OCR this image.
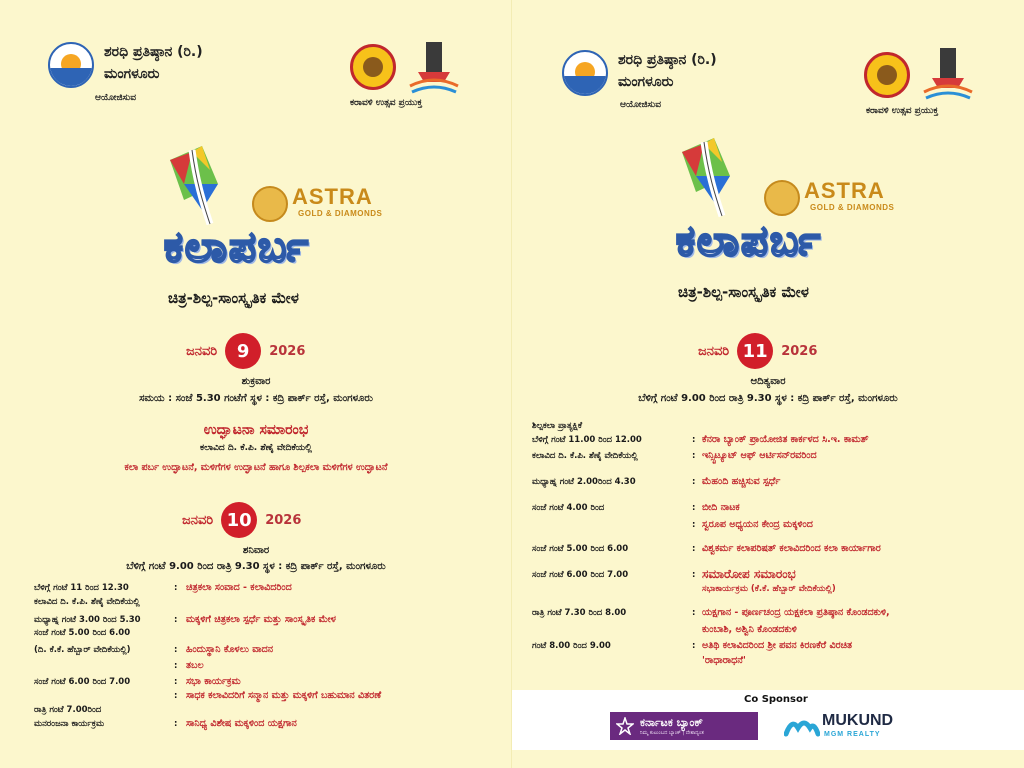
ಶರಧಿ ಪ್ರತಿಷ್ಠಾನ (ರಿ.)
ಮಂಗಳೂರು
ಆಯೋಜಿಸುವ	ಕರಾವಳಿ ಉತ್ಸವ ಪ್ರಯುಕ್ತ
ASTRA
GOLD & DIAMONDS
ಕಲಾಪರ್ಬ
ಚಿತ್ರ-ಶಿಲ್ಪ-ಸಾಂಸ್ಕೃತಿಕ ಮೇಳ
ಜನವರಿ	9	2026
ಶುಕ್ರವಾರ
ಸಮಯ : ಸಂಜೆ 5.30 ಗಂಟೆಗೆ ಸ್ಥಳ : ಕದ್ರಿ ಪಾರ್ಕ್ ರಸ್ತೆ, ಮಂಗಳೂರು
ಉದ್ಘಾಟನಾ ಸಮಾರಂಭ
ಕಲಾವಿದ ದಿ. ಕೆ.ಪಿ. ಶೆಣೈ ವೇದಿಕೆಯಲ್ಲಿ
ಕಲಾ ಪರ್ಬ ಉದ್ಘಾಟನೆ, ಮಳಿಗೆಗಳ ಉದ್ಘಾಟನೆ ಹಾಗೂ ಶಿಲ್ಪಕಲಾ ಮಳಿಗೆಗಳ ಉದ್ಘಾಟನೆ
ಜನವರಿ 10	2026
ಶನಿವಾರ
ಬೆಳಿಗ್ಗೆ ಗಂಟೆ 9.00 ರಿಂದ ರಾತ್ರಿ 9.30 ಸ್ಥಳ : ಕದ್ರಿ ಪಾರ್ಕ್ ರಸ್ತೆ, ಮಂಗಳೂರು
ಬೆಳಿಗ್ಗೆ ಗಂಟೆ 11 ರಿಂದ 12.30	: ಚಿತ್ರಕಲಾ ಸಂವಾದ - ಕಲಾವಿದರಿಂದ
ಕಲಾವಿದ ದಿ. ಕೆ.ಪಿ. ಶೆಣೈ ವೇದಿಕೆಯಲ್ಲಿ
ಮಧ್ಯಾಹ್ನ ಗಂಟೆ 3.00 ರಿಂದ 5.30	: ಮಕ್ಕಳಿಗೆ ಚಿತ್ರಕಲಾ ಸ್ಪರ್ಧೆ ಮತ್ತು ಸಾಂಸ್ಕೃತಿಕ ಮೇಳ
ಸಂಜೆ ಗಂಟೆ 5.00 ರಿಂದ 6.00
(ದಿ. ಕೆ.ಕೆ. ಹೆಬ್ಬಾರ್ ವೇದಿಕೆಯಲ್ಲಿ)	: ಹಿಂದುಸ್ಥಾನಿ ಕೊಳಲು ವಾದನ
: ತಬಲ
ಸಂಜೆ ಗಂಟೆ 6.00 ರಿಂದ 7.00	: ಸಭಾ ಕಾರ್ಯಕ್ರಮ
: ಸಾಧಕ ಕಲಾವಿದರಿಗೆ ಸನ್ಮಾನ ಮತ್ತು ಮಕ್ಕಳಿಗೆ ಬಹುಮಾನ ವಿತರಣೆ
ರಾತ್ರಿ ಗಂಟೆ 7.00ರಿಂದ
ಮನರಂಜನಾ ಕಾರ್ಯಕ್ರಮ	: ಸಾನಿಧ್ಯ ವಿಶೇಷ ಮಕ್ಕಳಿಂದ ಯಕ್ಷಗಾನ
ಶರಧಿ ಪ್ರತಿಷ್ಠಾನ (ರಿ.)
ಮಂಗಳೂರು
ಆಯೋಜಿಸುವ
ಕರಾವಳಿ ಉತ್ಸವ ಪ್ರಯುಕ್ತ
ASTRA
GOLD & DIAMONDS
ಕಲಾಪರ್ಬ
ಚಿತ್ರ-ಶಿಲ್ಪ-ಸಾಂಸ್ಕೃತಿಕ ಮೇಳ
ಜನವರಿ 11	2026
ಆದಿತ್ಯವಾರ
ಬೆಳಿಗ್ಗೆ ಗಂಟೆ 9.00 ರಿಂದ ರಾತ್ರಿ 9.30 ಸ್ಥಳ : ಕದ್ರಿ ಪಾರ್ಕ್ ರಸ್ತೆ, ಮಂಗಳೂರು
ಶಿಲ್ಪಕಲಾ ಪ್ರಾತ್ಯಕ್ಷಿಕೆ
ಬೆಳಿಗ್ಗೆ ಗಂಟೆ 11.00 ರಿಂದ 12.00	: ಕೆನರಾ ಬ್ಯಾಂಕ್ ಪ್ರಾಯೋಜಿತ ಕಾರ್ಕಳದ ಸಿ.ಇ. ಕಾಮತ್
ಕಲಾವಿದ ದಿ. ಕೆ.ಪಿ. ಶೆಣೈ ವೇದಿಕೆಯಲ್ಲಿ	: ಇನ್ಸ್ಟಿಟ್ಯೂಟ್ ಆಫ್ ಆರ್ಟಿಸನ್‌ರವರಿಂದ
ಮಧ್ಯಾಹ್ನ ಗಂಟೆ 2.00ರಿಂದ 4.30	: ಮೆಹಂದಿ ಹಚ್ಚಿಸುವ ಸ್ಪರ್ಧೆ
ಸಂಜೆ ಗಂಟೆ 4.00 ರಿಂದ	: ಬೀದಿ ನಾಟಕ
: ಸ್ವರೂಪ ಅಧ್ಯಯನ ಕೇಂದ್ರ ಮಕ್ಕಳಿಂದ
ಸಂಜೆ ಗಂಟೆ 5.00 ರಿಂದ 6.00	: ವಿಶ್ವಕರ್ಮ ಕಲಾಪರಿಷತ್ ಕಲಾವಿದರಿಂದ ಕಲಾ ಕಾರ್ಯಾಗಾರ
ಸಂಜೆ ಗಂಟೆ 6.00 ರಿಂದ 7.00	: ಸಮಾರೋಪ ಸಮಾರಂಭ
ಸಭಾಕಾರ್ಯಕ್ರಮ (ಕೆ.ಕೆ. ಹೆಬ್ಬಾರ್ ವೇದಿಕೆಯಲ್ಲಿ)
ರಾತ್ರಿ ಗಂಟೆ 7.30 ರಿಂದ 8.00	: ಯಕ್ಷಗಾನ - ಪೂರ್ಣಚಂದ್ರ ಯಕ್ಷಕಲಾ ಪ್ರತಿಷ್ಠಾನ ಕೊಂಡದಕುಳಿ,
ಕುಂಬಾಶಿ, ಅಶ್ವಿನಿ ಕೊಂಡದಕುಳಿ
ಗಂಟೆ 8.00 ರಿಂದ 9.00	: ಅತಿಥಿ ಕಲಾವಿದರಿಂದ ಶ್ರೀ ಪವನ ಕಿರಣಕೆರೆ ವಿರಚಿತ
'ರಾಧಾರಾಧನೆ'
Co Sponsor
ಕರ್ನಾಟಕ ಬ್ಯಾಂಕ್
ನಿಮ್ಮ ಕುಟುಂಬದ ಬ್ಯಾಂಕ್ | ದೇಶಾದ್ಯಂತ
MUKUND
MGM REALTY
